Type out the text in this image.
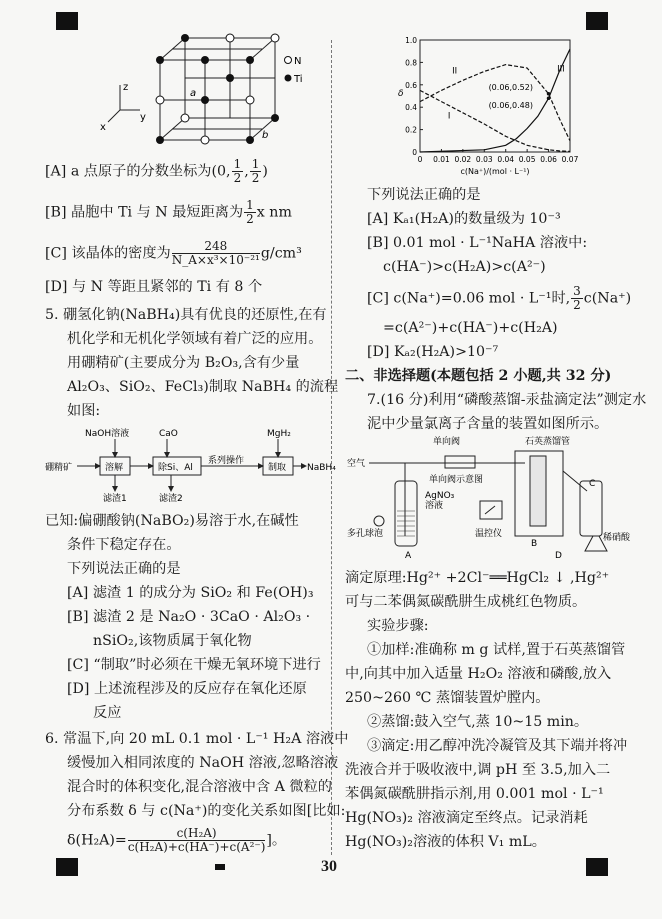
z
y
x
a
b
N
Ti

[A] a 点原子的分数坐标为(0, $\frac{1}{2}$ , $\frac{1}{2}$ )

[B] 晶胞中 Ti 与 N 最短距离为 $\frac{1}{2}$ x nm

[C] 该晶体的密度为 $\frac{248}{\text{N\_A×x³×10⁻²¹}} g/cm^3$

[D] 与 N 等距且紧邻的 Ti 有 8 个

5. 硼氢化钠(NaBH₄)具有优良的还原性,在有

机化学和无机化学领域有着广泛的应用。

用硼精矿(主要成分为 B₂O₃,含有少量

Al₂O₃、SiO₂、FeCl₃)制取 NaBH₄ 的流程

如图:

NaOH溶液	CaO	MgH₂
硼精矿	溶解	除Si、Al
系列操作
制取 NaBH₄
滤渣1	滤渣2

已知:偏硼酸钠(NaBO₂)易溶于水,在碱性

条件下稳定存在。

下列说法正确的是

[A] 滤渣 1 的成分为 SiO₂ 和 Fe(OH)₃

[B] 滤渣 2 是 Na₂O · 3CaO · Al₂O₃ ·

nSiO₂,该物质属于氧化物

[C] “制取”时必须在干燥无氧环境下进行

[D] 上述流程涉及的反应存在氧化还原

反应

6. 常温下,向 20 mL 0.1 mol · L⁻¹ H₂A 溶液中

缓慢加入相同浓度的 NaOH 溶液,忽略溶液

混合时的体积变化,混合溶液中含 A 微粒的

分布系数 δ 与 c(Na⁺)的变化关系如图[比如:

$\delta(H_2A)= \frac{\text{c(H₂A)}}{\text{c(H₂A)+c(HA⁻)+c(A²⁻)}}$ ]。

0 0.01 0.02 0.03 0.04 0.05 0.06 0.07
0
0.2
0.4
0.6
0.8
1.0
δ
c(Na⁺)/(mol · L⁻¹)
I
II	III
(0.06,0.52)
(0.06,0.48)

下列说法正确的是

[A] Kₐ₁(H₂A)的数量级为 10⁻³

[B] 0.01 mol · L⁻¹NaHA 溶液中:

c(HA⁻)>c(H₂A)>c(A²⁻)

[C] c(Na⁺)=0.06 mol · L⁻¹时, $\frac{3}{2} c(Na^+)$

=c(A²⁻)+c(HA⁻)+c(H₂A)

[D] Kₐ₂(H₂A)>10⁻⁷

二、非选择题(本题包括 2 小题,共 32 分)

7.(16 分)利用“磷酸蒸馏-汞盐滴定法”测定水

泥中少量氯离子含量的装置如图所示。

空气
单向阀
单向阀示意图
石英蒸馏管
AgNO₃
溶液
温控仪
多孔球泡	稀硝酸
A
B
C
D

滴定原理:Hg²⁺ +2Cl⁻══HgCl₂ ↓ ,Hg²⁺

可与二苯偶氮碳酰肼生成桃红色物质。

实验步骤:

①加样:准确称 m g 试样,置于石英蒸馏管

中,向其中加入适量 H₂O₂ 溶液和磷酸,放入

250~260 ℃ 蒸馏装置炉膛内。

②蒸馏:鼓入空气,蒸 10~15 min。

③滴定:用乙醇冲洗冷凝管及其下端并将冲

洗液合并于吸收液中,调 pH 至 3.5,加入二

苯偶氮碳酰肼指示剂,用 0.001 mol · L⁻¹

Hg(NO₃)₂ 溶液滴定至终点。记录消耗

Hg(NO₃)₂溶液的体积 V₁ mL。

30
